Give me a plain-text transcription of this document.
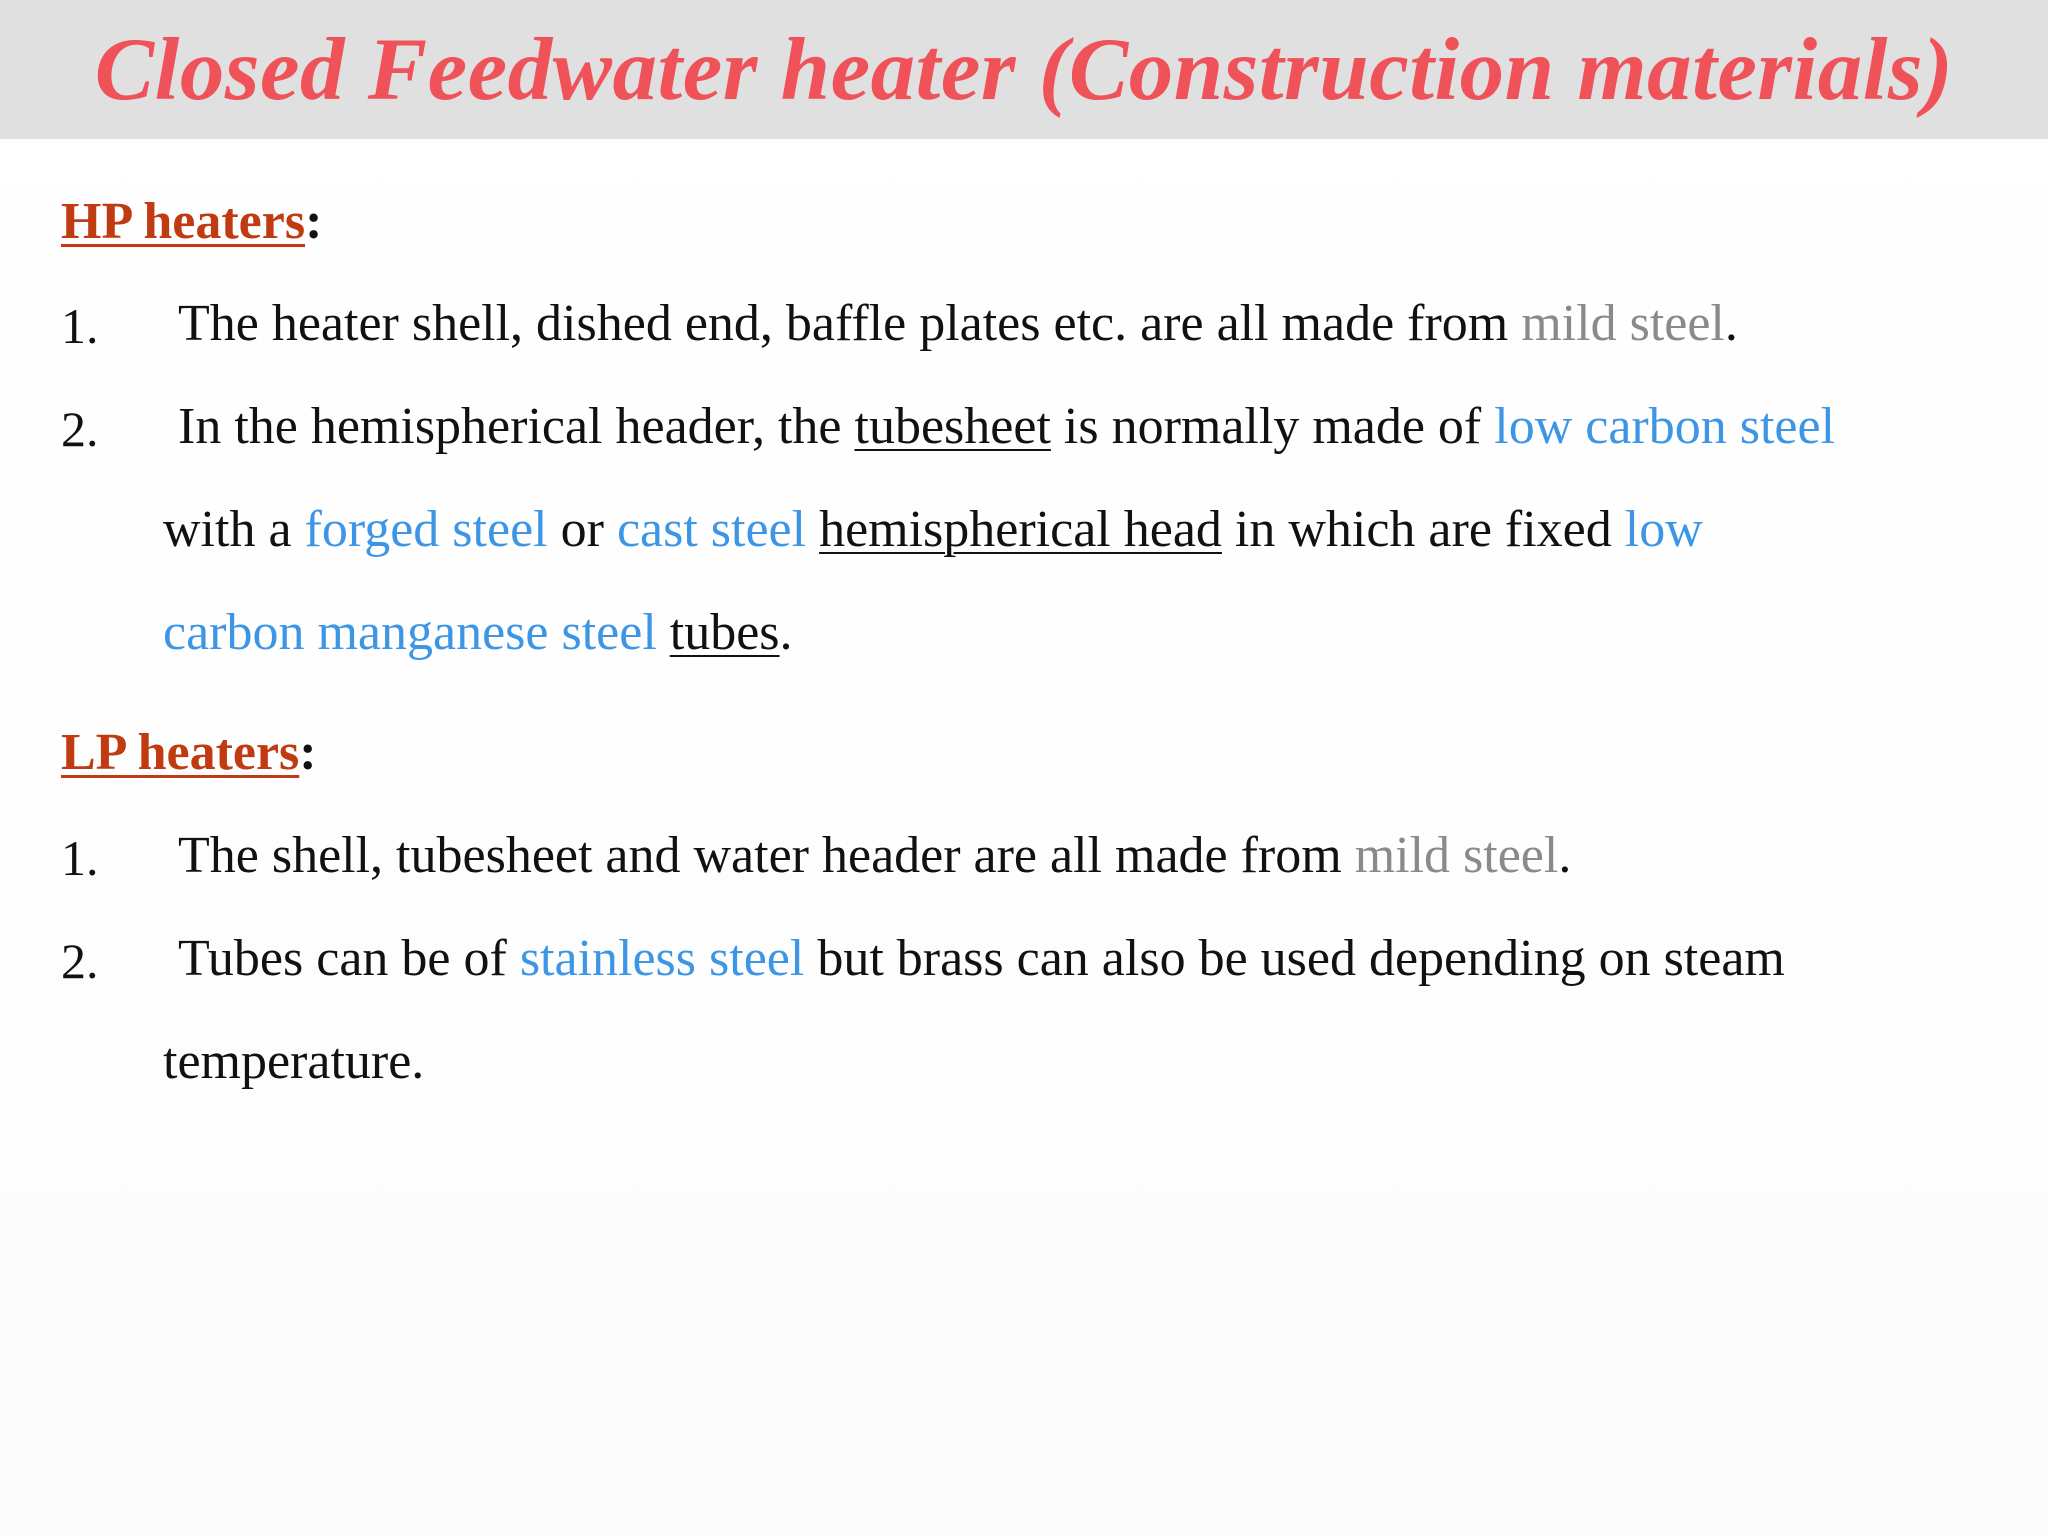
Closed Feedwater heater (Construction materials)
HP heaters:
1. The heater shell, dished end, baffle plates etc. are all made from mild steel.
2. In the hemispherical header, the tubesheet is normally made of low carbon steel
with a forged steel or cast steel hemispherical head in which are fixed low
carbon manganese steel tubes.
LP heaters:
1. The shell, tubesheet and water header are all made from mild steel.
2. Tubes can be of stainless steel but brass can also be used depending on steam
temperature.
